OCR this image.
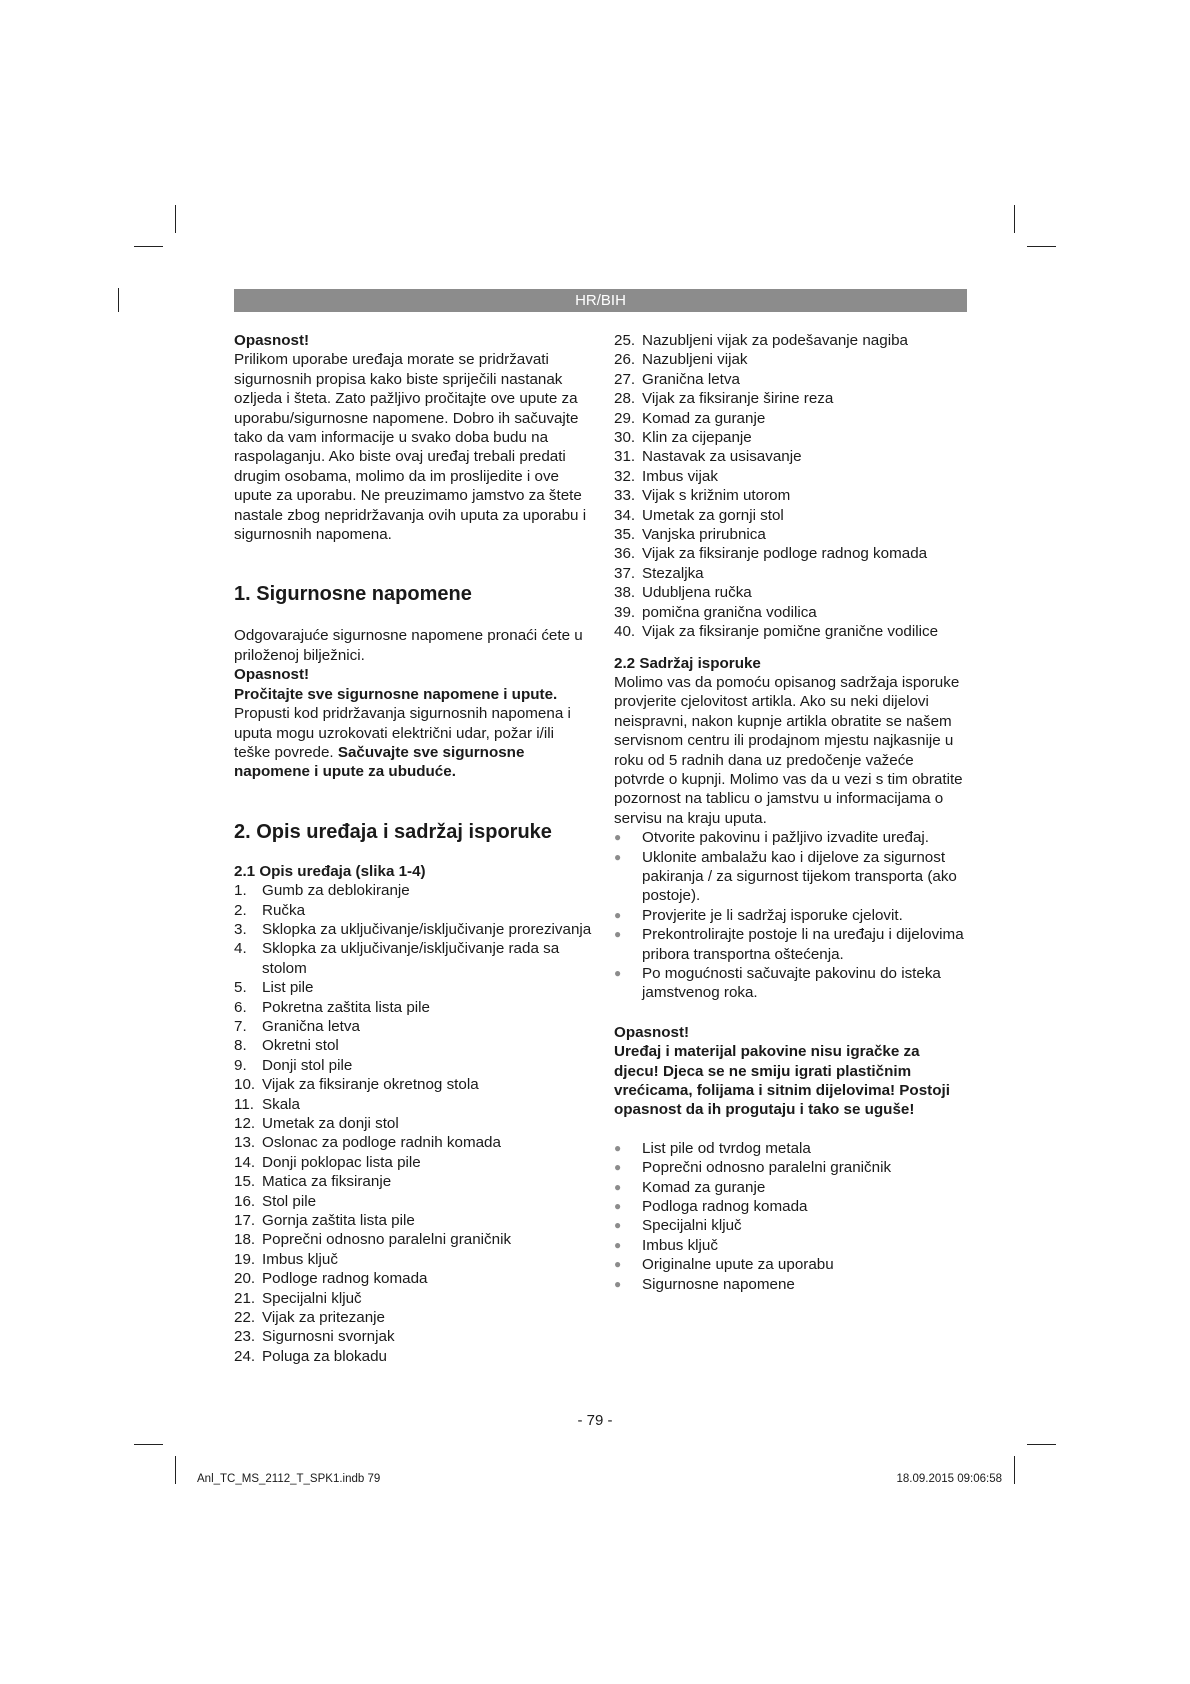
HR/BIH

Opasnost!

Prilikom uporabe uređaja morate se pridržavati sigurnosnih propisa kako biste spriječili nastanak ozljeda i šteta. Zato pažljivo pročitajte ove upute za uporabu/sigurnosne napomene. Dobro ih sačuvajte tako da vam informacije u svako doba budu na raspolaganju. Ako biste ovaj uređaj trebali predati drugim osobama, molimo da im proslijedite i ove upute za uporabu. Ne preuzimamo jamstvo za štete nastale zbog nepridržavanja ovih uputa za uporabu i sigurnosnih napomena.

1. Sigurnosne napomene

Odgovarajuće sigurnosne napomene pronaći ćete u priloženoj bilježnici.

Opasnost!

Pročitajte sve sigurnosne napomene i upute. Propusti kod pridržavanja sigurnosnih napomena i uputa mogu uzrokovati električni udar, požar i/ili teške povrede. Sačuvajte sve sigurnosne napomene i upute za ubuduće.

2. Opis uređaja i sadržaj isporuke

2.1 Opis uređaja (slika 1-4)

1.	Gumb za deblokiranje
2.	Ručka
3.	Sklopka za uključivanje/isključivanje prorezivanja
4.	Sklopka za uključivanje/isključivanje rada sa stolom
5.	List pile
6.	Pokretna zaštita lista pile
7.	Granična letva
8.	Okretni stol
9.	Donji stol pile
10. Vijak za fiksiranje okretnog stola
11. Skala
12. Umetak za donji stol
13. Oslonac za podloge radnih komada
14. Donji poklopac lista pile
15. Matica za fiksiranje
16. Stol pile
17. Gornja zaštita lista pile
18. Poprečni odnosno paralelni graničnik
19. Imbus ključ
20. Podloge radnog komada
21. Specijalni ključ
22. Vijak za pritezanje
23. Sigurnosni svornjak
24. Poluga za blokadu
25. Nazubljeni vijak za podešavanje nagiba
26. Nazubljeni vijak
27. Granična letva
28. Vijak za fiksiranje širine reza
29. Komad za guranje
30. Klin za cijepanje
31. Nastavak za usisavanje
32. Imbus vijak
33. Vijak s križnim utorom
34. Umetak za gornji stol
35. Vanjska prirubnica
36. Vijak za fiksiranje podloge radnog komada
37. Stezaljka
38. Udubljena ručka
39. pomična granična vodilica
40. Vijak za fiksiranje pomične granične vodilice

2.2 Sadržaj isporuke

Molimo vas da pomoću opisanog sadržaja isporuke provjerite cjelovitost artikla. Ako su neki dijelovi neispravni, nakon kupnje artikla obratite se našem servisnom centru ili prodajnom mjestu najkasnije u roku od 5 radnih dana uz predočenje važeće potvrde o kupnji. Molimo vas da u vezi s tim obratite pozornost na tablicu o jamstvu u informacijama o servisu na kraju uputa.

●	Otvorite pakovinu i pažljivo izvadite uređaj.
●	Uklonite ambalažu kao i dijelove za sigurnost pakiranja / za sigurnost tijekom transporta (ako postoje).
●	Provjerite je li sadržaj isporuke cjelovit.
●	Prekontrolirajte postoje li na uređaju i dijelovima pribora transportna oštećenja.
●	Po mogućnosti sačuvajte pakovinu do isteka jamstvenog roka.

Opasnost!

Uređaj i materijal pakovine nisu igračke za djecu! Djeca se ne smiju igrati plastičnim vrećicama, folijama i sitnim dijelovima! Postoji opasnost da ih progutaju i tako se uguše!

●	List pile od tvrdog metala
●	Poprečni odnosno paralelni graničnik
●	Komad za guranje
●	Podloga radnog komada
●	Specijalni ključ
●	Imbus ključ
●	Originalne upute za uporabu
●	Sigurnosne napomene
- 79 -
Anl_TC_MS_2112_T_SPK1.indb 79	18.09.2015 09:06:58
